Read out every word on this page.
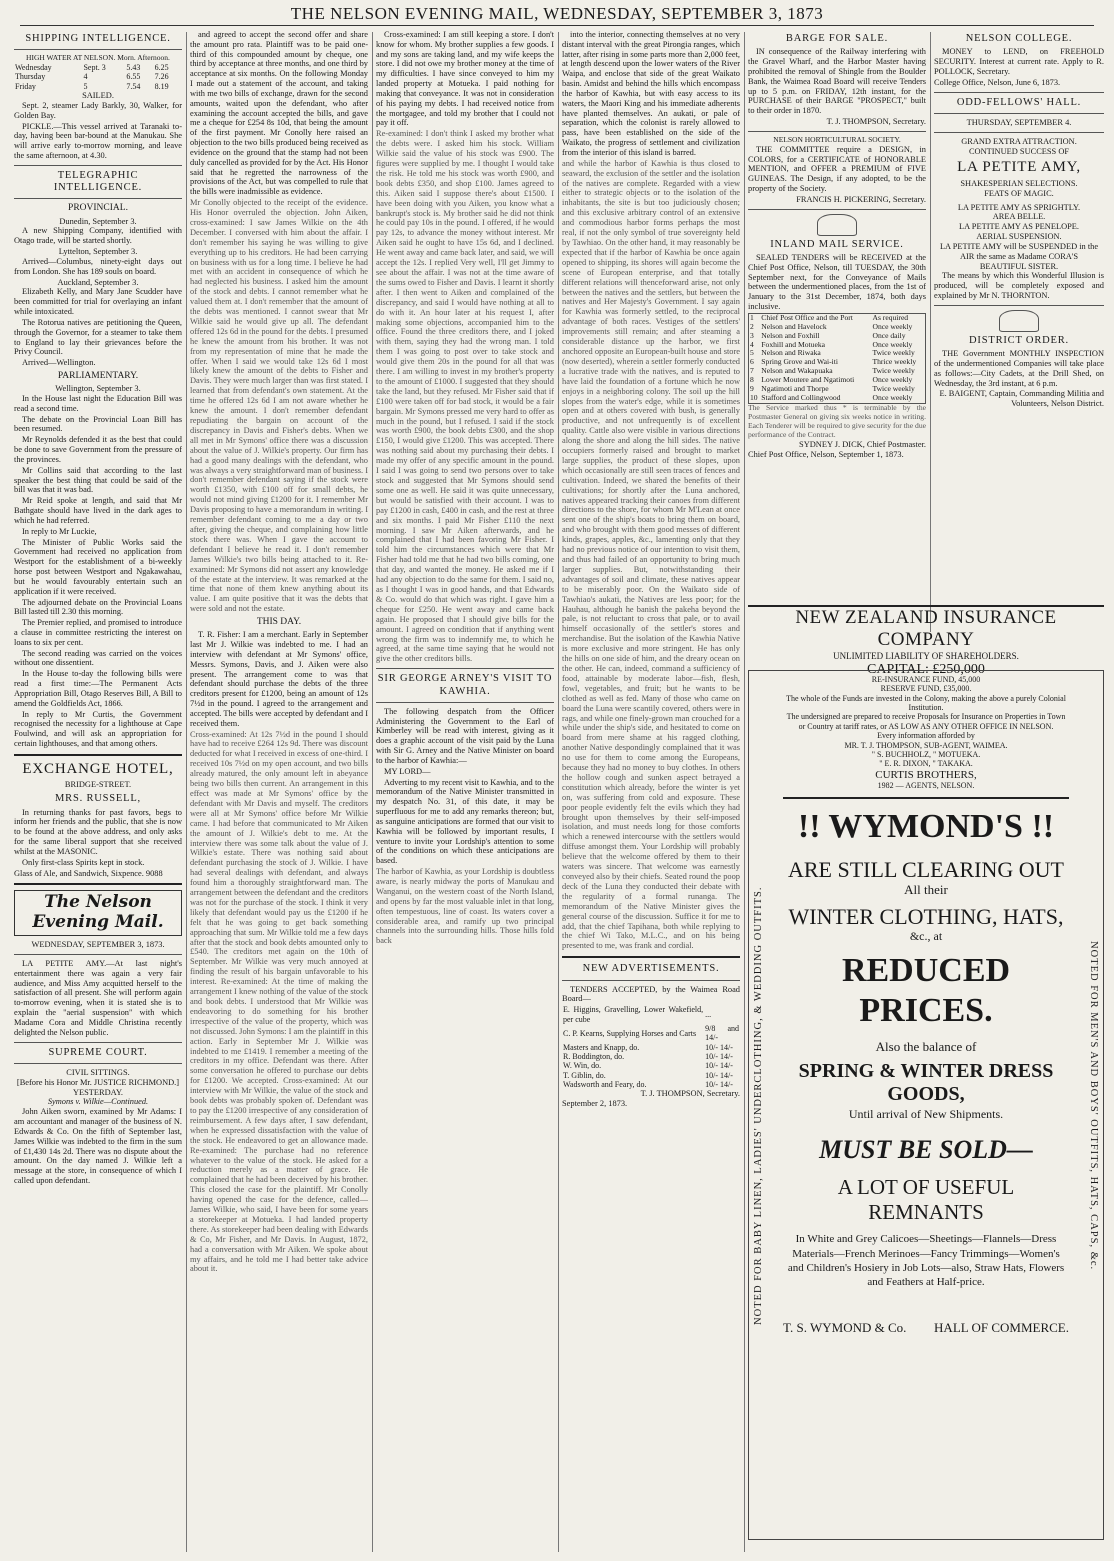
THE NELSON EVENING MAIL, WEDNESDAY, SEPTEMBER 3, 1873
SHIPPING INTELLIGENCE.
HIGH WATER AT NELSON. Morn. Afternoon.
Wednesday	Sept. 3	5.43	6.25
Thursday	4	6.55	7.26
Friday	5	7.54	8.19
SAILED.

Sept. 2, steamer Lady Barkly, 30, Walker, for Golden Bay.

PICKLE.—This vessel arrived at Taranaki to-day, having been bar-bound at the Manukau. She will arrive early to-morrow morning, and leave the same afternoon, at 4.30.

TELEGRAPHIC INTELLIGENCE.
PROVINCIAL.
Dunedin, September 3.

A new Shipping Company, identified with Otago trade, will be started shortly.

Lyttelton, September 3.

Arrived—Columbus, ninety-eight days out from London. She has 189 souls on board.

Auckland, September 3.

Elizabeth Kelly, and Mary Jane Scudder have been committed for trial for overlaying an infant while intoxicated.

The Rotorua natives are petitioning the Queen, through the Governor, for a steamer to take them to England to lay their grievances before the Privy Council.

Arrived—Wellington.

PARLIAMENTARY.
Wellington, September 3.

In the House last night the Education Bill was read a second time.

The debate on the Provincial Loan Bill has been resumed.

Mr Reynolds defended it as the best that could be done to save Government from the pressure of the provinces.

Mr Collins said that according to the last speaker the best thing that could be said of the bill was that it was bad.

Mr Reid spoke at length, and said that Mr Bathgate should have lived in the dark ages to which he had referred.

In reply to Mr Luckie,

The Minister of Public Works said the Government had received no application from Westport for the establishment of a bi-weekly horse post between Westport and Ngakawahau, but he would favourably entertain such an application if it were received.

The adjourned debate on the Provincial Loans Bill lasted till 2.30 this morning.

The Premier replied, and promised to introduce a clause in committee restricting the interest on loans to six per cent.

The second reading was carried on the voices without one dissentient.

In the House to-day the following bills were read a first time:—The Permanent Acts Appropriation Bill, Otago Reserves Bill, A Bill to amend the Goldfields Act, 1866.

In reply to Mr Curtis, the Government recognised the necessity for a lighthouse at Cape Foulwind, and will ask an appropriation for certain lighthouses, and that among others.

EXCHANGE HOTEL,
BRIDGE-STREET.
MRS. RUSSELL,

In returning thanks for past favors, begs to inform her friends and the public, that she is now to be found at the above address, and only asks for the same liberal support that she received whilst at the MASONIC.

Only first-class Spirits kept in stock.

Glass of Ale, and Sandwich, Sixpence. 9088
The Nelson Evening Mail.
WEDNESDAY, SEPTEMBER 3, 1873.

LA PETITE AMY.—At last night's entertainment there was again a very fair audience, and Miss Amy acquitted herself to the satisfaction of all present. She will perform again to-morrow evening, when it is stated she is to explain the "aerial suspension" with which Madame Cora and Middle Christina recently delighted the Nelson public.

SUPREME COURT.
CIVIL SITTINGS.
[Before his Honor Mr. JUSTICE RICHMOND.]
YESTERDAY.
Symons v. Wilkie—Continued.

John Aiken sworn, examined by Mr Adams: I am accountant and manager of the business of N. Edwards & Co. On the fifth of September last, James Wilkie was indebted to the firm in the sum of £1,430 14s 2d. There was no dispute about the amount. On the day named J. Wilkie left a message at the store, in consequence of which I called upon defendant.

and agreed to accept the second offer and share the amount pro rata. Plaintiff was to be paid one-third of this compounded amount by cheque, one third by acceptance at three months, and one third by acceptance at six months. On the following Monday I made out a statement of the account, and taking with me two bills of exchange, drawn for the second amounts, waited upon the defendant, who after examining the account accepted the bills, and gave me a cheque for £254 8s 10d, that being the amount of the first payment. Mr Conolly here raised an objection to the two bills produced being received as evidence on the ground that the stamp had not been duly cancelled as provided for by the Act. His Honor said that he regretted the narrowness of the provisions of the Act, but was compelled to rule that the bills were inadmissible as evidence.

Mr Conolly objected to the receipt of the evidence. His Honor overruled the objection. John Aiken, cross-examined: I saw James Wilkie on the 4th December. I conversed with him about the affair. I don't remember his saying he was willing to give everything up to his creditors. He had been carrying on business with us for a long time. I believe he had met with an accident in consequence of which he had neglected his business. I asked him the amount of the stock and debts. I cannot remember what he valued them at. I don't remember that the amount of the debts was mentioned. I cannot swear that Mr Wilkie said he would give up all. The defendant offered 12s 6d in the pound for the debts. I presumed he knew the amount from his brother. It was not from my representation of mine that he made the offer. When I said we would take 12s 6d I most likely knew the amount of the debts to Fisher and Davis. They were much larger than was first stated. I learned that from defendant's own statement. At the time he offered 12s 6d I am not aware whether he knew the amount. I don't remember defendant repudiating the bargain on account of the discrepancy in Davis and Fisher's debts. When we all met in Mr Symons' office there was a discussion about the value of J. Wilkie's property. Our firm has had a good many dealings with the defendant, who was always a very straightforward man of business. I don't remember defendant saying if the stock were worth £1350, with £100 off for small debts, he would not mind giving £1200 for it. I remember Mr Davis proposing to have a memorandum in writing. I remember defendant coming to me a day or two after, giving the cheque, and complaining how little stock there was. When I gave the account to defendant I believe he read it. I don't remember James Wilkie's two bills being attached to it. Re-examined: Mr Symons did not assert any knowledge of the estate at the interview. It was remarked at the time that none of them knew anything about its value. I am quite positive that it was the debts that were sold and not the estate.

THIS DAY.

T. R. Fisher: I am a merchant. Early in September last Mr J. Wilkie was indebted to me. I had an interview with defendant at Mr Symons' office, Messrs. Symons, Davis, and J. Aiken were also present. The arrangement come to was that defendant should purchase the debts of the three creditors present for £1200, being an amount of 12s 7½d in the pound. I agreed to the arrangement and accepted. The bills were accepted by defendant and I received them.

Cross-examined: At 12s 7½d in the pound I should have had to receive £264 12s 9d. There was discount deducted for what I received in excess of one-third. I received 10s 7½d on my open account, and two bills already matured, the only amount left in abeyance being two bills then current. An arrangement in this effect was made at Mr Symons' office by the defendant with Mr Davis and myself. The creditors were all at Mr Symons' office before Mr Wilkie came. I had before that communicated to Mr Aiken the amount of J. Wilkie's debt to me. At the interview there was some talk about the value of J. Wilkie's estate. There was nothing said about defendant purchasing the stock of J. Wilkie. I have had several dealings with defendant, and always found him a thoroughly straightforward man. The arrangement between the defendant and the creditors was not for the purchase of the stock. I think it very likely that defendant would pay us the £1200 if he felt that he was going to get back something approaching that sum. Mr Wilkie told me a few days after that the stock and book debts amounted only to £540. The creditors met again on the 10th of September. Mr Wilkie was very much annoyed at finding the result of his bargain unfavorable to his interest. Re-examined: At the time of making the arrangement I knew nothing of the value of the stock and book debts. I understood that Mr Wilkie was endeavoring to do something for his brother irrespective of the value of the property, which was not discussed. John Symons: I am the plaintiff in this action. Early in September Mr J. Wilkie was indebted to me £1419. I remember a meeting of the creditors in my office. Defendant was there. After some conversation he offered to purchase our debts for £1200. We accepted. Cross-examined: At our interview with Mr Wilkie, the value of the stock and book debts was probably spoken of. Defendant was to pay the £1200 irrespective of any consideration of reimbursement. A few days after, I saw defendant, when he expressed dissatisfaction with the value of the stock. He endeavored to get an allowance made. Re-examined: The purchase had no reference whatever to the value of the stock. He asked for a reduction merely as a matter of grace. He complained that he had been deceived by his brother. This closed the case for the plaintiff. Mr Conolly having opened the case for the defence, called— James Wilkie, who said, I have been for some years a storekeeper at Motueka. I had landed property there. As storekeeper had been dealing with Edwards & Co, Mr Fisher, and Mr Davis. In August, 1872, had a conversation with Mr Aiken. We spoke about my affairs, and he told me I had better take advice about it.

Cross-examined: I am still keeping a store. I don't know for whom. My brother supplies a few goods. I and my sons are taking land, and my wife keeps the store. I did not owe my brother money at the time of my difficulties. I have since conveyed to him my landed property at Motueka. I paid nothing for making that conveyance. It was not in consideration of his paying my debts. I had received notice from the mortgagee, and told my brother that I could not pay it off.

Re-examined: I don't think I asked my brother what the debts were. I asked him his stock. William Wilkie said the value of his stock was £900. The figures were supplied by me. I thought I would take the risk. He told me his stock was worth £900, and book debts £350, and shop £100. James agreed to this. Aiken said I suppose there's about £1500. I have been doing with you Aiken, you know what a bankrupt's stock is. My brother said he did not think he could pay 10s in the pound. I offered, if he would pay 12s, to advance the money without interest. Mr Aiken said he ought to have 15s 6d, and I declined. He went away and came back later, and said, we will accept the 12s. I replied Very well, I'll get Jimmy to see about the affair. I was not at the time aware of the sums owed to Fisher and Davis. I learnt it shortly after. I then went to Aiken and complained of the discrepancy, and said I would have nothing at all to do with it. An hour later at his request I, after making some objections, accompanied him to the office. Found the three creditors there, and I joked with them, saying they had the wrong man. I told them I was going to post over to take stock and would give them 20s in the pound for all that was there. I am willing to invest in my brother's property to the amount of £1000. I suggested that they should take the land, but they refused. Mr Fisher said that if £100 were taken off for bad stock, it would be a fair bargain. Mr Symons pressed me very hard to offer as much in the pound, but I refused. I said if the stock was worth £900, the book debts £300, and the shop £150, I would give £1200. This was accepted. There was nothing said about my purchasing their debts. I made my offer of any specific amount in the pound. I said I was going to send two persons over to take stock and suggested that Mr Symons should send some one as well. He said it was quite unnecessary, but would be satisfied with their account. I was to pay £1200 in cash, £400 in cash, and the rest at three and six months. I paid Mr Fisher £110 the next morning. I saw Mr Aiken afterwards, and he complained that I had been favoring Mr Fisher. I told him the circumstances which were that Mr Fisher had told me that he had two bills coming, one that day, and wanted the money. He asked me if I had any objection to do the same for them. I said no, as I thought I was in good hands, and that Edwards & Co. would do that which was right. I gave him a cheque for £250. He went away and came back again. He proposed that I should give bills for the amount. I agreed on condition that if anything went wrong the firm was to indemnify me, to which he agreed, at the same time saying that he would not give the other creditors bills.

SIR GEORGE ARNEY'S VISIT TO KAWHIA.

The following despatch from the Officer Administering the Government to the Earl of Kimberley will be read with interest, giving as it does a graphic account of the visit paid by the Luna with Sir G. Arney and the Native Minister on board to the harbor of Kawhia:—

MY LORD—

Adverting to my recent visit to Kawhia, and to the memorandum of the Native Minister transmitted in my despatch No. 31, of this date, it may be superfluous for me to add any remarks thereon; but, as sanguine anticipations are formed that our visit to Kawhia will be followed by important results, I venture to invite your Lordship's attention to some of the conditions on which these anticipations are based.

The harbor of Kawhia, as your Lordship is doubtless aware, is nearly midway the ports of Manukau and Wanganui, on the western coast of the North Island, and opens by far the most valuable inlet in that long, often tempestuous, line of coast. Its waters cover a considerable area, and ramify up two principal channels into the surrounding hills. Those hills fold back

into the interior, connecting themselves at no very distant interval with the great Pirongia ranges, which latter, after rising in some parts more than 2,000 feet, at length descend upon the lower waters of the River Waipa, and enclose that side of the great Waikato basin. Amidst and behind the hills which encompass the harbor of Kawhia, but with easy access to its waters, the Maori King and his immediate adherents have planted themselves. An aukati, or pale of separation, which the colonist is rarely allowed to pass, have been established on the side of the Waikato, the progress of settlement and civilization from the interior of this island is barred.

and while the harbor of Kawhia is thus closed to seaward, the exclusion of the settler and the isolation of the natives are complete. Regarded with a view either to strategic objects or to the isolation of the inhabitants, the site is but too judiciously chosen; and this exclusive arbitrary control of an extensive and commodious harbor forms perhaps the most real, if not the only symbol of true sovereignty held by Tawhiao. On the other hand, it may reasonably be expected that if the harbor of Kawhia be once again opened to shipping, its shores will again become the scene of European enterprise, and that totally different relations will thenceforward arise, not only between the natives and the settlers, but between the natives and Her Majesty's Government. I say again for Kawhia was formerly settled, to the reciprocal advantage of both races. Vestiges of the settlers' improvements still remain; and after steaming a considerable distance up the harbor, we first anchored opposite an European-built house and store (now deserted), wherein a settler formerly conducted a lucrative trade with the natives, and is reputed to have laid the foundation of a fortune which he now enjoys in a neighboring colony. The soil up the hill slopes from the water's edge, while it is sometimes open and at others covered with bush, is generally productive, and not unfrequently is of excellent quality. Cattle also were visible in various directions along the shore and along the hill sides. The native occupiers formerly raised and brought to market large supplies, the product of these slopes, upon which occasionally are still seen traces of fences and cultivation. Indeed, we shared the benefits of their cultivations; for shortly after the Luna anchored, natives appeared tracking their canoes from different directions to the shore, for whom Mr M'Lean at once sent one of the ship's boats to bring them on board, and who brought with them good messes of different kinds, grapes, apples, &c., lamenting only that they had no previous notice of our intention to visit them, and thus had failed of an opportunity to bring much larger supplies. But, notwithstanding their advantages of soil and climate, these natives appear to be miserably poor. On the Waikato side of Tawhiao's aukati, the Natives are less poor; for the Hauhau, although he banish the pakeha beyond the pale, is not reluctant to cross that pale, or to avail himself occasionally of the settler's stores and merchandise. But the isolation of the Kawhia Native is more exclusive and more stringent. He has only the hills on one side of him, and the dreary ocean on the other. He can, indeed, command a sufficiency of food, attainable by moderate labor—fish, flesh, fowl, vegetables, and fruit; but he wants to be clothed as well as fed. Many of those who came on board the Luna were scantily covered, others were in rags, and while one finely-grown man crouched for a while under the ship's side, and hesitated to come on board from mere shame at his ragged clothing, another Native despondingly complained that it was no use for them to come among the Europeans, because they had no money to buy clothes. In others the hollow cough and sunken aspect betrayed a constitution which already, before the winter is yet on, was suffering from cold and exposure. These poor people evidently felt the evils which they had brought upon themselves by their self-imposed isolation, and must needs long for those comforts which a renewed intercourse with the settlers would diffuse amongst them. Your Lordship will probably believe that the welcome offered by them to their waters was sincere. That welcome was earnestly conveyed also by their chiefs. Seated round the poop deck of the Luna they conducted their debate with the regularity of a formal runanga. The memorandum of the Native Minister gives the general course of the discussion. Suffice it for me to add, that the chief Tapihana, both while replying to the chief Wi Tako, M.L.C., and on his being presented to me, was frank and cordial.

NEW ADVERTISEMENTS.

TENDERS ACCEPTED, by the Waimea Road Board—

E. Higgins, Gravelling, Lower Wakefield, per cube	...
C. P. Kearns, Supplying Horses and Carts	9/8 and 14/-
Masters and Knapp, do.	10/- 14/-
R. Boddington, do.	10/- 14/-
W. Win, do.	10/- 14/-
T. Giblin, do.	10/- 14/-
Wadsworth and Feary, do.	10/- 14/-
T. J. THOMPSON, Secretary.
September 2, 1873.
BARGE FOR SALE.

IN consequence of the Railway interfering with the Gravel Wharf, and the Harbor Master having prohibited the removal of Shingle from the Boulder Bank, the Waimea Road Board will receive Tenders up to 5 p.m. on FRIDAY, 12th instant, for the PURCHASE of their BARGE "PROSPECT," built to their order in 1870.

T. J. THOMPSON, Secretary.
NELSON HORTICULTURAL SOCIETY.

THE COMMITTEE require a DESIGN, in COLORS, for a CERTIFICATE of HONORABLE MENTION, and OFFER a PREMIUM of FIVE GUINEAS. The Design, if any adopted, to be the property of the Society.

FRANCIS H. PICKERING, Secretary.
INLAND MAIL SERVICE.

SEALED TENDERS will be RECEIVED at the Chief Post Office, Nelson, till TUESDAY, the 30th September next, for the Conveyance of Mails between the undermentioned places, from the 1st of January to the 31st December, 1874, both days inclusive.

1	Chief Post Office and the Port	As required
2	Nelson and Havelock	Once weekly
3	Nelson and Foxhill	Once daily
4	Foxhill and Motueka	Once weekly
5	Nelson and Riwaka	Twice weekly
6	Spring Grove and Wai-iti	Thrice weekly
7	Nelson and Wakapuaka	Twice weekly
8	Lower Moutere and Ngatimoti	Once weekly
9	Ngatimoti and Thorpe	Twice weekly
10	Stafford and Collingwood	Once weekly

The Service marked thus * is terminable by the Postmaster General on giving six weeks notice in writing. Each Tenderer will be required to give security for the due performance of the Contract.

SYDNEY J. DICK, Chief Postmaster.
Chief Post Office, Nelson, September 1, 1873.
NELSON COLLEGE.

MONEY to LEND, on FREEHOLD SECURITY. Interest at current rate. Apply to R. POLLOCK, Secretary.

College Office, Nelson, June 6, 1873.
ODD-FELLOWS' HALL.
THURSDAY, SEPTEMBER 4.
GRAND EXTRA ATTRACTION.
CONTINUED SUCCESS OF
LA PETITE AMY,
SHAKESPERIAN SELECTIONS.
FEATS OF MAGIC.
LA PETITE AMY AS SPRIGHTLY.
AREA BELLE.
LA PETITE AMY AS PENELOPE.
AERIAL SUSPENSION.
LA PETITE AMY will be SUSPENDED in the AIR the same as Madame CORA'S
BEAUTIFUL SISTER.

The means by which this Wonderful Illusion is produced, will be completely exposed and explained by Mr N. THORNTON.

DISTRICT ORDER.

THE Government MONTHLY INSPECTION of the undermentioned Companies will take place as follows:—City Cadets, at the Drill Shed, on Wednesday, the 3rd instant, at 6 p.m.

E. BAIGENT, Captain, Commanding Militia and Volunteers, Nelson District.
NEW ZEALAND INSURANCE COMPANY
UNLIMITED LIABILITY OF SHAREHOLDERS.
CAPITAL: £250,000
NOTED FOR BABY LINEN, LADIES' UNDERCLOTHING, & WEDDING OUTFITS.	NOTED FOR MEN'S AND BOYS' OUTFITS, HATS, CAPS, &c.
RE-INSURANCE FUND, 45,000
RESERVE FUND, £35,000.
The whole of the Funds are invested in the Colony, making the above a purely Colonial Institution.
The undersigned are prepared to receive Proposals for Insurance on Properties in Town or Country at tariff rates, or AS LOW AS ANY OTHER OFFICE IN NELSON.
Every information afforded by
MR. T. J. THOMPSON, SUB-AGENT, WAIMEA.
" S. BUCHHOLZ, " MOTUEKA.
" E. R. DIXON, " TAKAKA.
CURTIS BROTHERS,
1982 — AGENTS, NELSON.
!! WYMOND'S !!
ARE STILL CLEARING OUT
All their
WINTER CLOTHING, HATS,
&c., at
REDUCED PRICES.
Also the balance of
SPRING & WINTER DRESS GOODS,
Until arrival of New Shipments.
MUST BE SOLD—
A LOT OF USEFUL REMNANTS
In White and Grey Calicoes—Sheetings—Flannels—Dress Materials—French Merinoes—Fancy Trimmings—Women's and Children's Hosiery in Job Lots—also, Straw Hats, Flowers and Feathers at Half-price.
T. S. WYMOND & Co. HALL OF COMMERCE.
